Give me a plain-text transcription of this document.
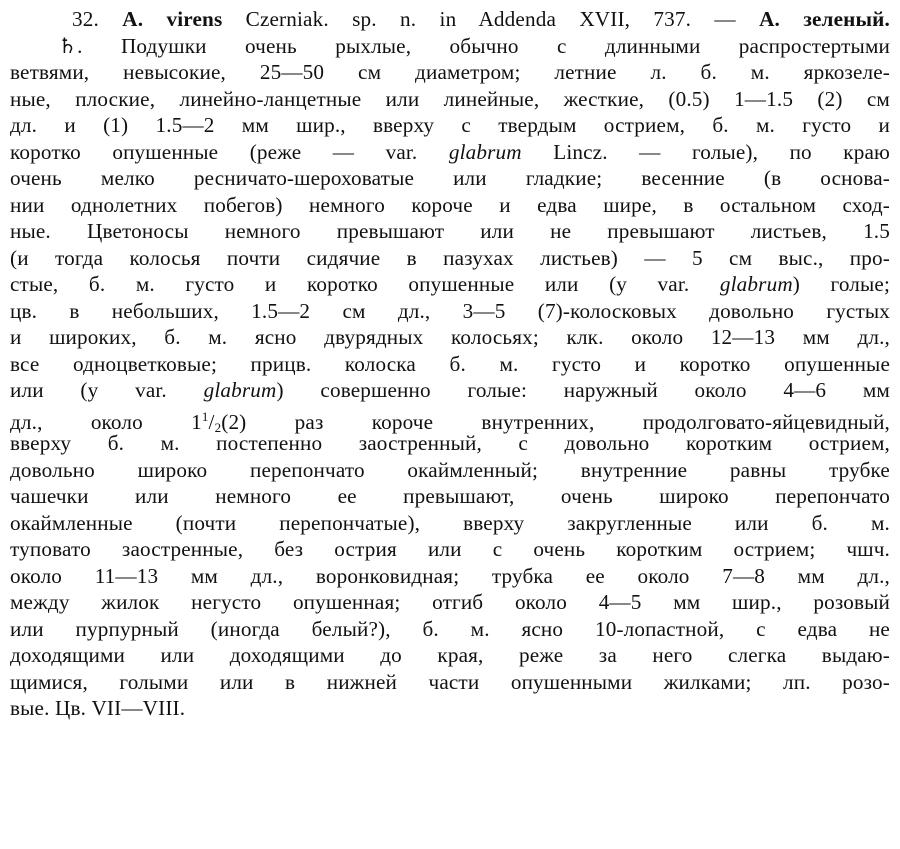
32. A. virens Czerniak. sp. n. in Addenda XVII, 737. — А. зеленый.
♄. Подушки очень рыхлые, обычно с длинными распростертыми
ветвями, невысокие, 25—50 см диаметром; летние л. б. м. яркозеле-
ные, плоские, линейно-ланцетные или линейные, жесткие, (0.5) 1—1.5 (2) см
дл. и (1) 1.5—2 мм шир., вверху с твердым острием, б. м. густо и
коротко опушенные (реже — var. glabrum Lincz. — голые), по краю
очень мелко ресничато-шероховатые или гладкие; весенние (в основа-
нии однолетних побегов) немного короче и едва шире, в остальном сход-
ные. Цветоносы немного превышают или не превышают листьев, 1.5
(и тогда колосья почти сидячие в пазухах листьев) — 5 см выс., про-
стые, б. м. густо и коротко опушенные или (у var. glabrum) голые;
цв. в небольших, 1.5—2 см дл., 3—5 (7)-колосковых довольно густых
и широких, б. м. ясно двурядных колосьях; клк. около 12—13 мм дл.,
все одноцветковые; прицв. колоска б. м. густо и коротко опушенные
или (у var. glabrum) совершенно голые: наружный около 4—6 мм
дл., около $1^1/_2(2)$ раз короче внутренних, продолговато-яйцевидный,
вверху б. м. постепенно заостренный, с довольно коротким острием,
довольно широко перепончато окаймленный; внутренние равны трубке
чашечки или немного ее превышают, очень широко перепончато
окаймленные (почти перепончатые), вверху закругленные или б. м.
туповато заостренные, без острия или с очень коротким острием; чшч.
около 11—13 мм дл., воронковидная; трубка ее около 7—8 мм дл.,
между жилок негусто опушенная; отгиб около 4—5 мм шир., розовый
или пурпурный (иногда белый?), б. м. ясно 10-лопастной, с едва не
доходящими или доходящими до края, реже за него слегка выдаю-
щимися, голыми или в нижней части опушенными жилками; лп. розо-
вые. Цв. VII—VIII.
